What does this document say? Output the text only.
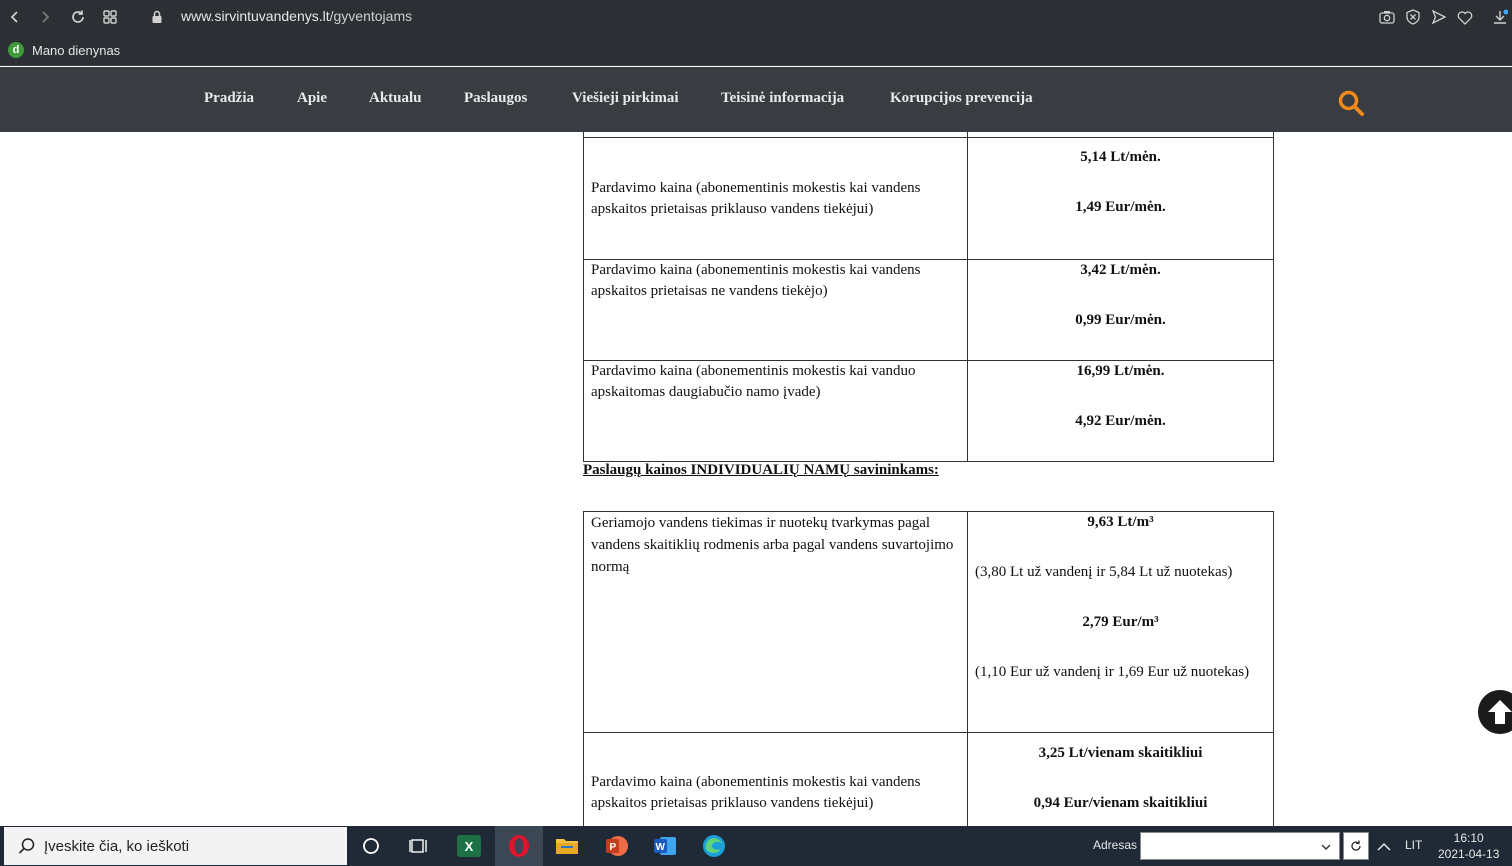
www.sirvintuvandenys.lt/gyventojams
d Mano dienynas
Pradžia	Apie	Aktualu	Paslaugos	Viešieji pirkimai	Teisinė informacija	Korupcijos prevencija

Pardavimo kaina (abonementinis mokestis kai vandens apskaitos prietaisas priklauso vandens tiekėjui)	5,14 Lt/mėn.
1,49 Eur/mėn.

Pardavimo kaina (abonementinis mokestis kai vandens apskaitos prietaisas ne vandens tiekėjo)	3,42 Lt/mėn.
0,99 Eur/mėn.

Pardavimo kaina (abonementinis mokestis kai vanduo apskaitomas daugiabučio namo įvade)	16,99 Lt/mėn.
4,92 Eur/mėn.
Paslaugų kainos INDIVIDUALIŲ NAMŲ savininkams:
Geriamojo vandens tiekimas ir nuotekų tvarkymas pagal vandens skaitiklių rodmenis arba pagal vandens suvartojimo normą	9,63 Lt/m³
(3,80 Lt už vandenį ir 5,84 Lt už nuotekas)
2,79 Eur/m³
(1,10 Eur už vandenį ir 1,69 Eur už nuotekas)

Pardavimo kaina (abonementinis mokestis kai vandens apskaitos prietaisas priklauso vandens tiekėjui)	3,25 Lt/vienam skaitikliui
0,94 Eur/vienam skaitikliui
Įveskite čia, ko ieškoti	X	P	W	Adresas	LIT	16:10
2021-04-13
